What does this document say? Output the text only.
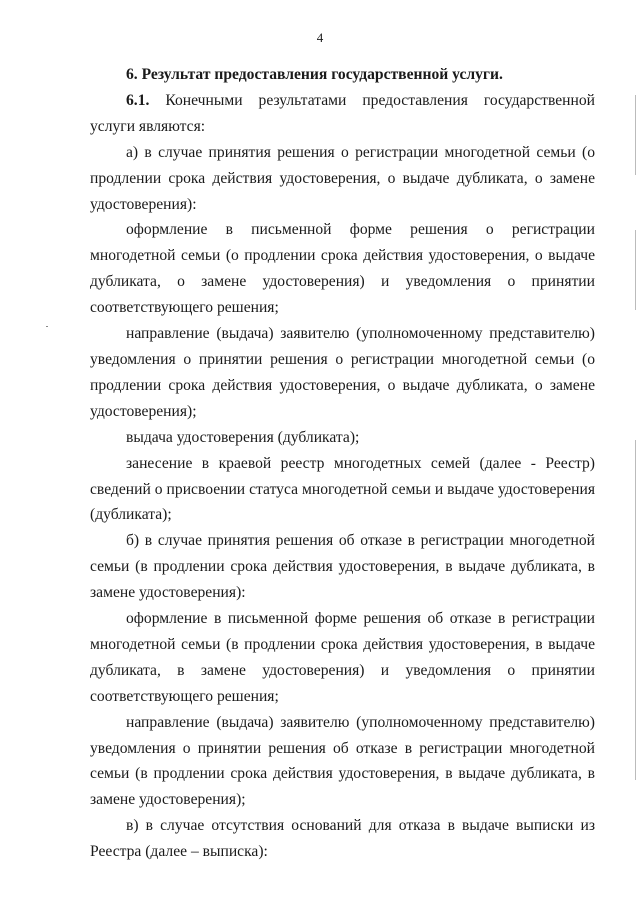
4

6. Результат предоставления государственной услуги.

6.1. Конечными результатами предоставления государственной услуги являются:

а) в случае принятия решения о регистрации многодетной семьи (о продлении срока действия удостоверения, о выдаче дубликата, о замене удостоверения):

оформление в письменной форме решения о регистрации многодетной семьи (о продлении срока действия удостоверения, о выдаче дубликата, о замене удостоверения) и уведомления о принятии соответствующего решения;

направление (выдача) заявителю (уполномоченному представителю) уведомления о принятии решения о регистрации многодетной семьи (о продлении срока действия удостоверения, о выдаче дубликата, о замене удостоверения);

выдача удостоверения (дубликата);

занесение в краевой реестр многодетных семей (далее - Реестр) сведений о присвоении статуса многодетной семьи и выдаче удостоверения (дубликата);

б) в случае принятия решения об отказе в регистрации многодетной семьи (в продлении срока действия удостоверения, в выдаче дубликата, в замене удостоверения):

оформление в письменной форме решения об отказе в регистрации многодетной семьи (в продлении срока действия удостоверения, в выдаче дубликата, в замене удостоверения) и уведомления о принятии соответствующего решения;

направление (выдача) заявителю (уполномоченному представителю) уведомления о принятии решения об отказе в регистрации многодетной семьи (в продлении срока действия удостоверения, в выдаче дубликата, в замене удостоверения);

в) в случае отсутствия оснований для отказа в выдаче выписки из Реестра (далее – выписка):
